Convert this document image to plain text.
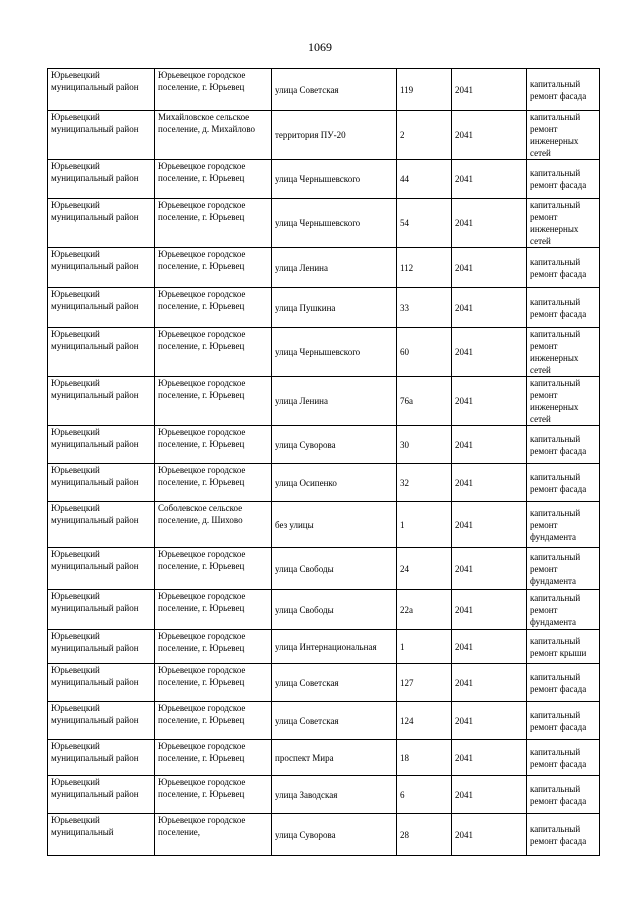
1069
Юрьевецкий муниципальный район	Юрьевецкое городское поселение, г. Юрьевец	улица Советская	119	2041	капитальный ремонт фасада
Юрьевецкий муниципальный район	Михайловское сельское поселение, д. Михайлово	территория ПУ-20	2	2041	капитальный ремонт инженерных сетей
Юрьевецкий муниципальный район	Юрьевецкое городское поселение, г. Юрьевец	улица Чернышевского	44	2041	капитальный ремонт фасада
Юрьевецкий муниципальный район	Юрьевецкое городское поселение, г. Юрьевец	улица Чернышевского	54	2041	капитальный ремонт инженерных сетей
Юрьевецкий муниципальный район	Юрьевецкое городское поселение, г. Юрьевец	улица Ленина	112	2041	капитальный ремонт фасада
Юрьевецкий муниципальный район	Юрьевецкое городское поселение, г. Юрьевец	улица Пушкина	33	2041	капитальный ремонт фасада
Юрьевецкий муниципальный район	Юрьевецкое городское поселение, г. Юрьевец	улица Чернышевского	60	2041	капитальный ремонт инженерных сетей
Юрьевецкий муниципальный район	Юрьевецкое городское поселение, г. Юрьевец	улица Ленина	76а	2041	капитальный ремонт инженерных сетей
Юрьевецкий муниципальный район	Юрьевецкое городское поселение, г. Юрьевец	улица Суворова	30	2041	капитальный ремонт фасада
Юрьевецкий муниципальный район	Юрьевецкое городское поселение, г. Юрьевец	улица Осипенко	32	2041	капитальный ремонт фасада
Юрьевецкий муниципальный район	Соболевское сельское поселение, д. Шихово	без улицы	1	2041	капитальный ремонт фундамента
Юрьевецкий муниципальный район	Юрьевецкое городское поселение, г. Юрьевец	улица Свободы	24	2041	капитальный ремонт фундамента
Юрьевецкий муниципальный район	Юрьевецкое городское поселение, г. Юрьевец	улица Свободы	22а	2041	капитальный ремонт фундамента
Юрьевецкий муниципальный район	Юрьевецкое городское поселение, г. Юрьевец	улица Интернациональная	1	2041	капитальный ремонт крыши
Юрьевецкий муниципальный район	Юрьевецкое городское поселение, г. Юрьевец	улица Советская	127	2041	капитальный ремонт фасада
Юрьевецкий муниципальный район	Юрьевецкое городское поселение, г. Юрьевец	улица Советская	124	2041	капитальный ремонт фасада
Юрьевецкий муниципальный район	Юрьевецкое городское поселение, г. Юрьевец	проспект Мира	18	2041	капитальный ремонт фасада
Юрьевецкий муниципальный район	Юрьевецкое городское поселение, г. Юрьевец	улица Заводская	6	2041	капитальный ремонт фасада
Юрьевецкий муниципальный	Юрьевецкое городское поселение,	улица Суворова	28	2041	капитальный ремонт фасада
